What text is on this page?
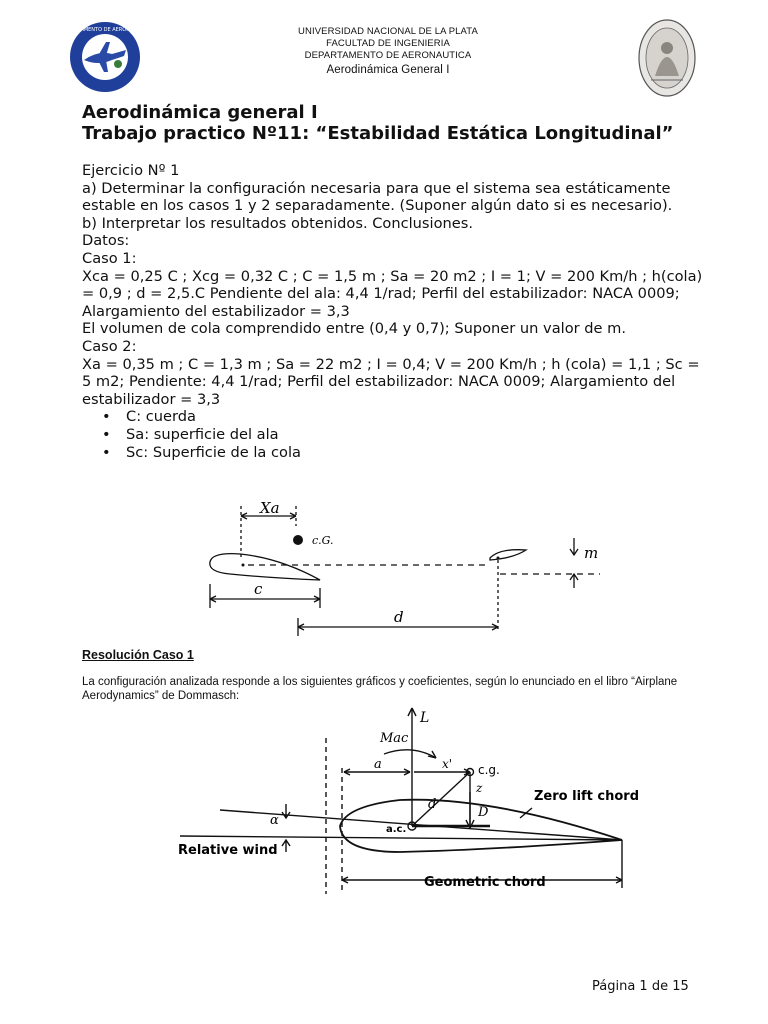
DEPARTAMENTO DE AERONAUTICA	UNIVERSIDAD NACIONAL DE LA PLATA
FACULTAD DE INGENIERIA
DEPARTAMENTO DE AERONAUTICA
Aerodinámica General I
Aerodinámica general I
Trabajo practico Nº11: “Estabilidad Estática Longitudinal”

Ejercicio Nº 1

a) Determinar la configuración necesaria para que el sistema sea estáticamente estable en los casos 1 y 2 separadamente. (Suponer algún dato si es necesario).

b) Interpretar los resultados obtenidos. Conclusiones.

Datos:

Caso 1:

Xca = 0,25 C ; Xcg = 0,32 C ; C = 1,5 m ; Sa = 20 m2 ; I = 1; V = 200 Km/h ; h(cola) = 0,9 ; d = 2,5.C Pendiente del ala: 4,4 1/rad; Perfil del estabilizador: NACA 0009; Alargamiento del estabilizador = 3,3

El volumen de cola comprendido entre (0,4 y 0,7); Suponer un valor de m.

Caso 2:

Xa = 0,35 m ; C = 1,3 m ; Sa = 22 m2 ; I = 0,4; V = 200 Km/h ; h (cola) = 1,1 ; Sc = 5 m2; Pendiente: 4,4 1/rad; Perfil del estabilizador: NACA 0009; Alargamiento del estabilizador = 3,3

• C: cuerda
• Sa: superficie del ala
• Sc: Superficie de la cola
Xa
c.G.
c
m
d
Resolución Caso 1
La configuración analizada responde a los siguientes gráficos y coeficientes, según lo enunciado en el libro “Airplane Aerodynamics” de Dommasch:
L
Mac
a	x' c.g.
z
d
D
a.c.
α
Zero lift chord
Relative wind
Geometric chord
Página 1 de 15
